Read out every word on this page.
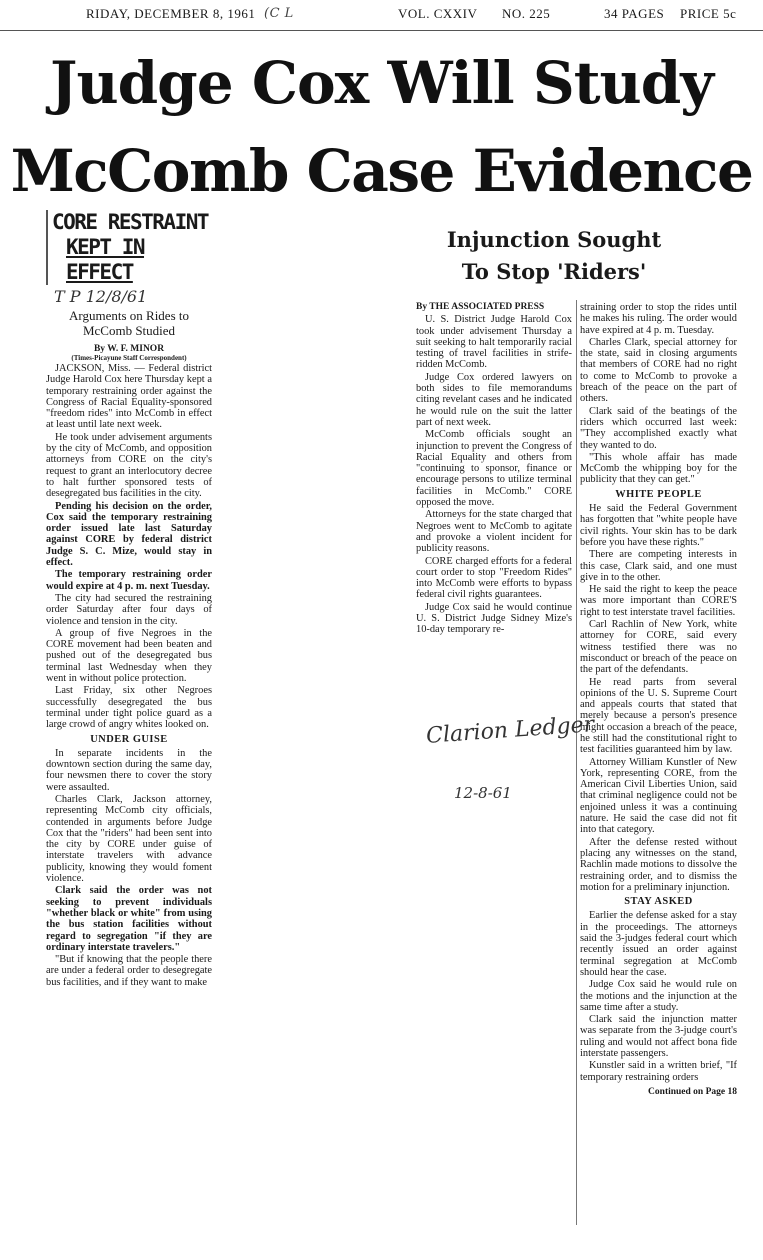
RIDAY, DECEMBER 8, 1961 (C L	VOL. CXXIV NO. 225	34 PAGES PRICE 5c
Judge Cox Will Study
McComb Case Evidence
CORE RESTRAINT
KEPT IN EFFECT
T P 12/8/61
Arguments on Rides to
McComb Studied
By W. F. MINOR
(Times-Picayune Staff Correspondent)

JACKSON, Miss. — Federal district Judge Harold Cox here Thursday kept a temporary restraining order against the Congress of Racial Equality-sponsored "freedom rides" into McComb in effect at least until late next week.

He took under advisement arguments by the city of McComb, and opposition attorneys from CORE on the city's request to grant an interlocutory decree to halt further sponsored tests of desegregated bus facilities in the city.

Pending his decision on the order, Cox said the temporary restraining order issued late last Saturday against CORE by federal district Judge S. C. Mize, would stay in effect.

The temporary restraining order would expire at 4 p. m. next Tuesday.

The city had secured the restraining order Saturday after four days of violence and tension in the city.

A group of five Negroes in the CORE movement had been beaten and pushed out of the desegregated bus terminal last Wednesday when they went in without police protection.

Last Friday, six other Negroes successfully desegregated the bus terminal under tight police guard as a large crowd of angry whites looked on.

UNDER GUISE

In separate incidents in the downtown section during the same day, four newsmen there to cover the story were assaulted.

Charles Clark, Jackson attorney, representing McComb city officials, contended in arguments before Judge Cox that the "riders" had been sent into the city by CORE under guise of interstate travelers with advance publicity, knowing they would foment violence.

Clark said the order was not seeking to prevent individuals "whether black or white" from using the bus station facilities without regard to segregation "if they are ordinary interstate travelers."

"But if knowing that the people there are under a federal order to desegregate bus facilities, and if they want to make

Injunction Sought
To Stop 'Riders'

By THE ASSOCIATED PRESS

U. S. District Judge Harold Cox took under advisement Thursday a suit seeking to halt temporarily racial testing of travel facilities in strife-ridden McComb.

Judge Cox ordered lawyers on both sides to file memorandums citing revelant cases and he indicated he would rule on the suit the latter part of next week.

McComb officials sought an injunction to prevent the Congress of Racial Equality and others from "continuing to sponsor, finance or encourage persons to utilize terminal facilities in McComb." CORE opposed the move.

Attorneys for the state charged that Negroes went to McComb to agitate and provoke a violent incident for publicity reasons.

CORE charged efforts for a federal court order to stop "Freedom Rides" into McComb were efforts to bypass federal civil rights guarantees.

Judge Cox said he would continue U. S. District Judge Sidney Mize's 10-day temporary re-

straining order to stop the rides until he makes his ruling. The order would have expired at 4 p. m. Tuesday.

Charles Clark, special attorney for the state, said in closing arguments that members of CORE had no right to come to McComb to provoke a breach of the peace on the part of others.

Clark said of the beatings of the riders which occurred last week: "They accomplished exactly what they wanted to do.

"This whole affair has made McComb the whipping boy for the publicity that they can get."

WHITE PEOPLE

He said the Federal Government has forgotten that "white people have civil rights. Your skin has to be dark before you have these rights."

There are competing interests in this case, Clark said, and one must give in to the other.

He said the right to keep the peace was more important than CORE'S right to test interstate travel facilities.

Carl Rachlin of New York, white attorney for CORE, said every witness testified there was no misconduct or breach of the peace on the part of the defendants.

He read parts from several opinions of the U. S. Supreme Court and appeals courts that stated that merely because a person's presence might occasion a breach of the peace, he still had the constitutional right to test facilities guaranteed him by law.

Attorney William Kunstler of New York, representing CORE, from the American Civil Liberties Union, said that criminal negligence could not be enjoined unless it was a continuing nature. He said the case did not fit into that category.

After the defense rested without placing any witnesses on the stand, Rachlin made motions to dissolve the restraining order, and to dismiss the motion for a preliminary injunction.

STAY ASKED

Earlier the defense asked for a stay in the proceedings. The attorneys said the 3-judges federal court which recently issued an order against terminal segregation at McComb should hear the case.

Judge Cox said he would rule on the motions and the injunction at the same time after a study.

Clark said the injunction matter was separate from the 3-judge court's ruling and would not affect bona fide interstate passengers.

Kunstler said in a written brief, "If temporary restraining orders

Continued on Page 18

Clarion Ledger
12-8-61
